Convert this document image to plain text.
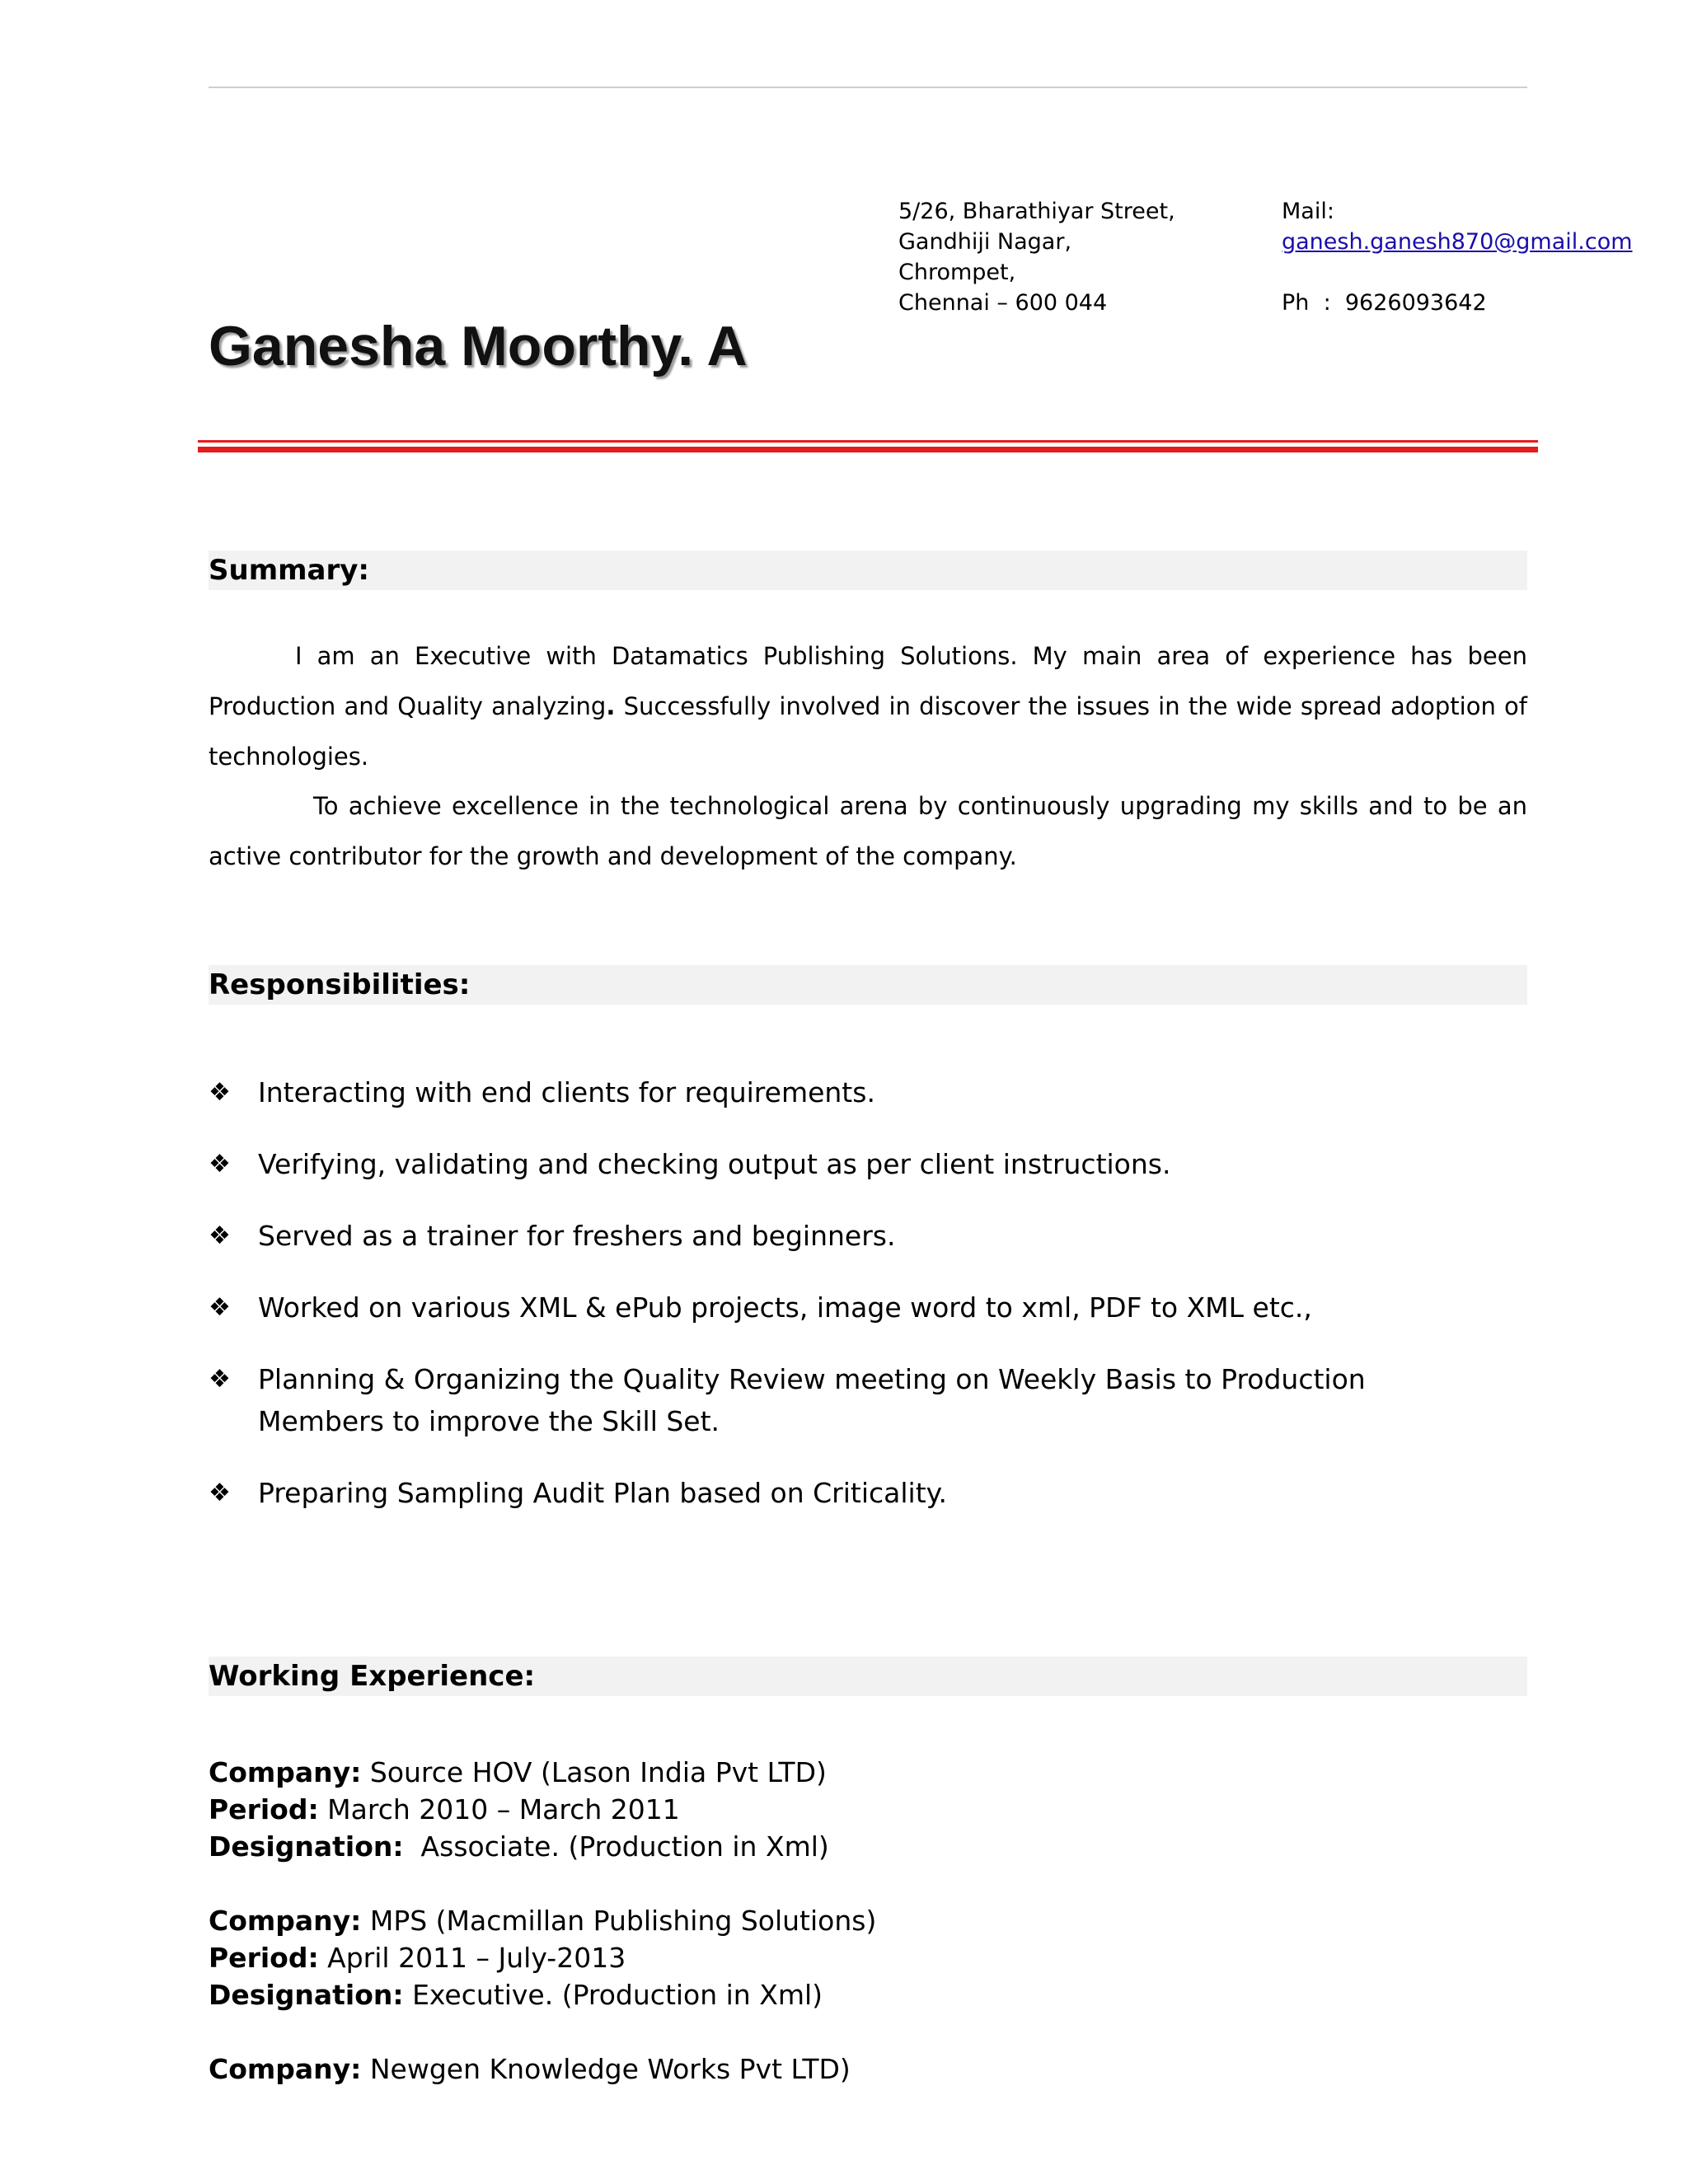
5/26, Bharathiyar Street,
Gandhiji Nagar,
Chrompet,
Chennai – 600 044
Mail:
ganesh.ganesh870@gmail.com
Ph : 9626093642
Ganesha Moorthy. A
Summary:

I am an Executive with Datamatics Publishing Solutions. My main area of experience has been Production and Quality analyzing. Successfully involved in discover the issues in the wide spread adoption of technologies.

To achieve excellence in the technological arena by continuously upgrading my skills and to be an active contributor for the growth and development of the company.

Responsibilities:
❖ Interacting with end clients for requirements.
❖ Verifying, validating and checking output as per client instructions.
❖ Served as a trainer for freshers and beginners.
❖ Worked on various XML & ePub projects, image word to xml, PDF to XML etc.,
❖ Planning & Organizing the Quality Review meeting on Weekly Basis to Production
Members to improve the Skill Set.
❖ Preparing Sampling Audit Plan based on Criticality.
Working Experience:
Company: Source HOV (Lason India Pvt LTD)
Period: March 2010 – March 2011
Designation: Associate. (Production in Xml)
Company: MPS (Macmillan Publishing Solutions)
Period: April 2011 – July-2013
Designation: Executive. (Production in Xml)
Company: Newgen Knowledge Works Pvt LTD)
